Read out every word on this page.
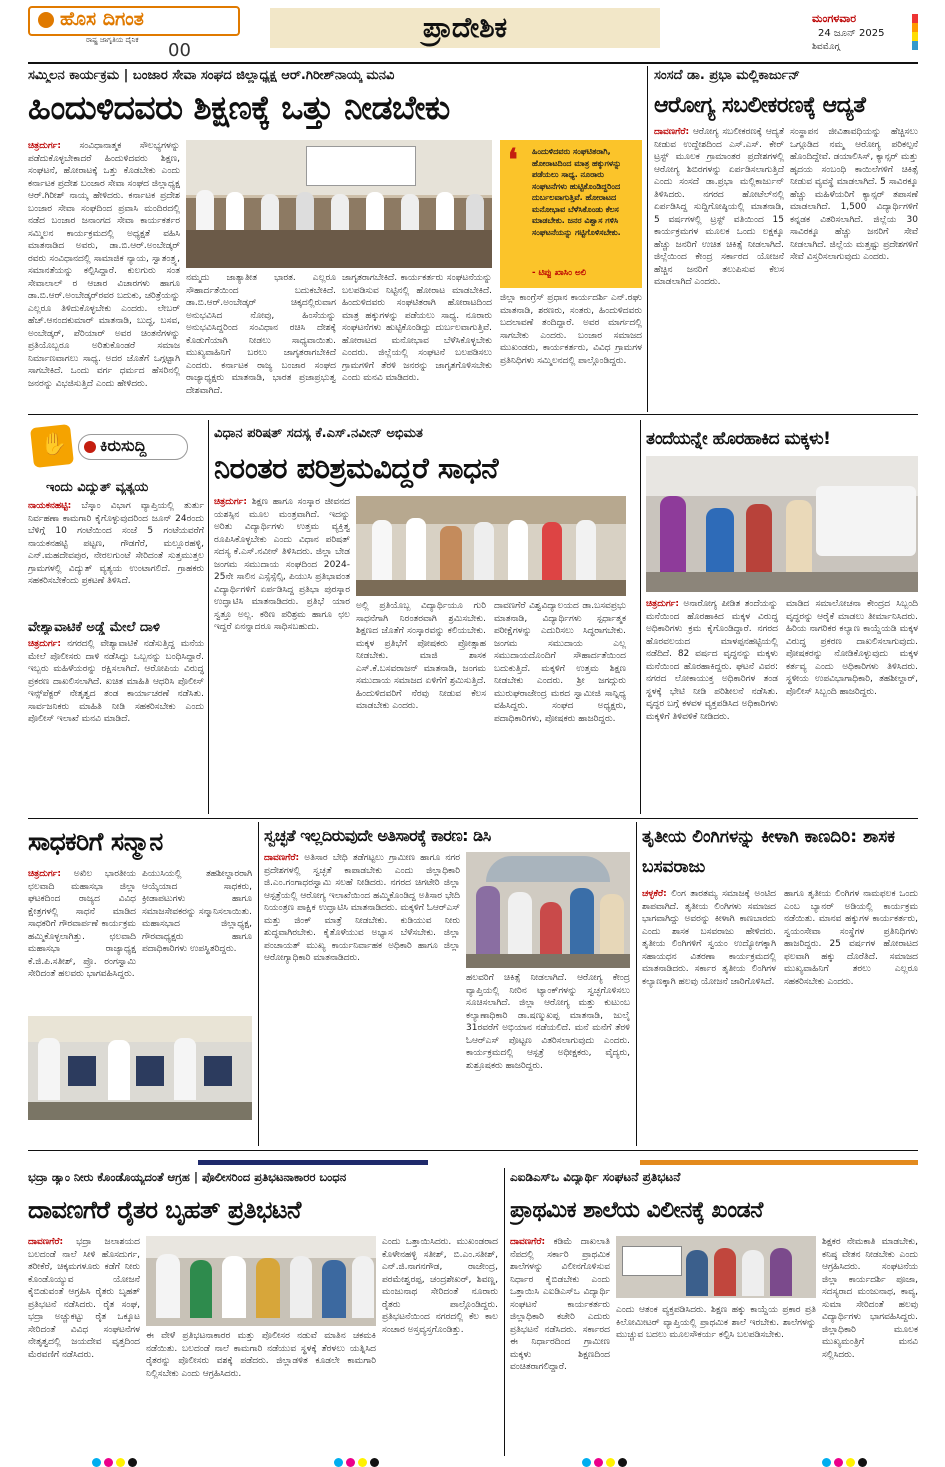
ಹೊಸ ದಿಗಂತ
ರಾಷ್ಟ್ರ ಜಾಗೃತಿಯ ದೈನಿಕ 00
ಪ್ರಾದೇಶಿಕ	ಮಂಗಳವಾರ
24 ಜೂನ್ 2025
ಶಿವಮೊಗ್ಗ
ಸಮ್ಮಿಲನ ಕಾರ್ಯಕ್ರಮ | ಬಂಜಾರ ಸೇವಾ ಸಂಘದ ಜಿಲ್ಲಾಧ್ಯಕ್ಷ ಆರ್.ಗಿರೀಶ್‌ನಾಯ್ಕ ಮನವಿ
ಹಿಂದುಳಿದವರು ಶಿಕ್ಷಣಕ್ಕೆ ಒತ್ತು ನೀಡಬೇಕು
ಚಿತ್ರದುರ್ಗ: ಸಂವಿಧಾನಾತ್ಮಕ ಸೌಲಭ್ಯಗಳನ್ನು ಪಡೆದುಕೊಳ್ಳಬೇಕಾದರೆ ಹಿಂದುಳಿದವರು ಶಿಕ್ಷಣ, ಸಂಘಟನೆ, ಹೋರಾಟಕ್ಕೆ ಒತ್ತು ಕೊಡಬೇಕು ಎಂದು ಕರ್ನಾಟಕ ಪ್ರದೇಶ ಬಂಜಾರ ಸೇವಾ ಸಂಘದ ಜಿಲ್ಲಾಧ್ಯಕ್ಷ ಆರ್.ಗಿರೀಶ್ ನಾಯ್ಕ ಹೇಳಿದರು. ಕರ್ನಾಟಕ ಪ್ರದೇಶ ಬಂಜಾರ ಸೇವಾ ಸಂಘದಿಂದ ಪ್ರವಾಸಿ ಮಂದಿರದಲ್ಲಿ ನಡೆದ ಬಂಜಾರ ಜನಾಂಗದ ಸೇವಾ ಕಾರ್ಯಕರ್ತರ ಸಮ್ಮಿಲನ ಕಾರ್ಯಕ್ರಮದಲ್ಲಿ ಅಧ್ಯಕ್ಷತೆ ವಹಿಸಿ ಮಾತನಾಡಿದ ಅವರು, ಡಾ.ಬಿ.ಆರ್.ಅಂಬೇಡ್ಕರ್ ರವರು ಸಂವಿಧಾನದಲ್ಲಿ ಸಾಮಾಜಿಕ ನ್ಯಾಯ, ಸ್ವಾತಂತ್ರ್ಯ, ಸಮಾನತೆಯನ್ನು ಕಲ್ಪಿಸಿದ್ದಾರೆ. ಕುಲಗುರು ಸಂತ ಸೇವಾಲಾಲ್ ರ ಆಚಾರ ವಿಚಾರಗಳು ಹಾಗೂ ಡಾ.ಬಿ.ಆರ್.ಅಂಬೇಡ್ಕರ್‌ರವರ ಬದುಕು, ಚರಿತ್ರೆಯನ್ನು ಎಲ್ಲರೂ ತಿಳಿದುಕೊಳ್ಳಬೇಕು ಎಂದರು. ಲೇಬರ್ ಹೆಚ್.ಆನಂದಕುಮಾರ್ ಮಾತನಾಡಿ, ಬುದ್ಧ, ಬಸವ, ಅಂಬೇಡ್ಕರ್, ಪೆರಿಯಾರ್ ಅವರ ಚಿಂತನೆಗಳನ್ನು ಪ್ರತಿಯೊಬ್ಬರೂ ಅರಿತುಕೊಂಡರೆ ಸಮಾಜ ನಿರ್ಮಾಣವಾಗಲು ಸಾಧ್ಯ. ಅದರ ಜೊತೆಗೆ ಒಗ್ಗಟ್ಟಾಗಿ ಸಾಗಬೇಕಿದೆ. ಒಂದು ವರ್ಗ ಧರ್ಮದ ಹೆಸರಿನಲ್ಲಿ ಜನರನ್ನು ವಿಭಜಿಸುತ್ತಿದೆ ಎಂದು ಹೇಳಿದರು.
ನಮ್ಮದು ಜಾತ್ಯಾತೀತ ಭಾರತ. ಎಲ್ಲರೂ ಸೌಹಾರ್ದತೆಯಿಂದ ಬದುಕಬೇಕಿದೆ. ಡಾ.ಬಿ.ಆರ್.ಅಂಬೇಡ್ಕರ್ ಚಿಕ್ಕದಲ್ಲಿರುವಾಗ ಅನುಭವಿಸಿದ ನೋವು, ಹಿಂಸೆಯನ್ನು ಅನುಭವಿಸಿದ್ದರಿಂದ ಸಂವಿಧಾನ ರಚಿಸಿ ದೇಶಕ್ಕೆ ಕೊಡುಗೆಯಾಗಿ ನೀಡಲು ಸಾಧ್ಯವಾಯಿತು. ಮುಖ್ಯವಾಹಿನಿಗೆ ಬರಲು ಜಾಗೃತರಾಗಬೇಕಿದೆ ಎಂದರು. ಕರ್ನಾಟಕ ರಾಜ್ಯ ಬಂಜಾರ ಸಂಘದ ರಾಜ್ಯಾಧ್ಯಕ್ಷರು ಮಾತನಾಡಿ, ಭಾರತ ಪ್ರಜಾಪ್ರಭುತ್ವ ದೇಶವಾಗಿದೆ.
ಜಾಗೃತರಾಗಬೇಕಿದೆ. ಕಾರ್ಯಕರ್ತರು ಸಂಘಟನೆಯನ್ನು ಬಲಪಡಿಸುವ ನಿಟ್ಟಿನಲ್ಲಿ ಹೋರಾಟ ಮಾಡಬೇಕಿದೆ. ಹಿಂದುಳಿದವರು ಸಂಘಟಿತರಾಗಿ ಹೋರಾಟದಿಂದ ಮಾತ್ರ ಹಕ್ಕುಗಳನ್ನು ಪಡೆಯಲು ಸಾಧ್ಯ. ನೂರಾರು ಸಂಘಟನೆಗಳು ಹುಟ್ಟಿಕೊಂಡಿದ್ದು ದುರ್ಬಲವಾಗುತ್ತಿವೆ. ಹೋರಾಟದ ಮನೋಭಾವ ಬೆಳೆಸಿಕೊಳ್ಳಬೇಕು ಎಂದರು. ಜಿಲ್ಲೆಯಲ್ಲಿ ಸಂಘಟನೆ ಬಲಪಡಿಸಲು ಗ್ರಾಮಗಳಿಗೆ ತೆರಳಿ ಜನರನ್ನು ಜಾಗೃತಗೊಳಿಸಬೇಕು ಎಂದು ಮನವಿ ಮಾಡಿದರು.
❛	ಹಿಂದುಳಿದವರು ಸಂಘಟಿತರಾಗಿ, ಹೋರಾಟದಿಂದ ಮಾತ್ರ ಹಕ್ಕುಗಳನ್ನು ಪಡೆಯಲು ಸಾಧ್ಯ. ನೂರಾರು ಸಂಘಟನೆಗಳು ಹುಟ್ಟಿಕೊಂಡಿದ್ದರಿಂದ ದುರ್ಬಲವಾಗುತ್ತಿವೆ. ಹೋರಾಟದ ಮನೋಭಾವ ಬೆಳೆಸಿಕೊಂಡು ಕೆಲಸ ಮಾಡಬೇಕು. ಜನರ ವಿಶ್ವಾಸ ಗಳಿಸಿ ಸಂಘಟನೆಯನ್ನು ಗಟ್ಟಿಗೊಳಿಸಬೇಕು.
- ಟಿಪ್ಪು ಖಾಸಿಂ ಅಲಿ
ಜಿಲ್ಲಾ ಕಾಂಗ್ರೆಸ್ ಪ್ರಧಾನ ಕಾರ್ಯದರ್ಶಿ ಎನ್.ರಘು ಮಾತನಾಡಿ, ಶರಣರು, ಸಂತರು, ಹಿಂದುಳಿದವರು ಬದಲಾವಣೆ ತಂದಿದ್ದಾರೆ. ಅವರ ಮಾರ್ಗದಲ್ಲಿ ಸಾಗಬೇಕು ಎಂದರು. ಬಂಜಾರ ಸಮಾಜದ ಮುಖಂಡರು, ಕಾರ್ಯಕರ್ತರು, ವಿವಿಧ ಗ್ರಾಮಗಳ ಪ್ರತಿನಿಧಿಗಳು ಸಮ್ಮಿಲನದಲ್ಲಿ ಪಾಲ್ಗೊಂಡಿದ್ದರು.
ಸಂಸದೆ ಡಾ. ಪ್ರಭಾ ಮಲ್ಲಿಕಾರ್ಜುನ್
ಆರೋಗ್ಯ ಸಬಲೀಕರಣಕ್ಕೆ ಆದ್ಯತೆ
ದಾವಣಗೆರೆ: ಆರೋಗ್ಯ ಸಬಲೀಕರಣಕ್ಕೆ ಆದ್ಯತೆ ನೀಡುವ ಉದ್ದೇಶದಿಂದ ಎಸ್.ಎಸ್. ಕೇರ್ ಟ್ರಸ್ಟ್ ಮೂಲಕ ಗ್ರಾಮಾಂತರ ಪ್ರದೇಶಗಳಲ್ಲಿ ಆರೋಗ್ಯ ಶಿಬಿರಗಳನ್ನು ಏರ್ಪಡಿಸಲಾಗುತ್ತಿದೆ ಎಂದು ಸಂಸದೆ ಡಾ.ಪ್ರಭಾ ಮಲ್ಲಿಕಾರ್ಜುನ್ ತಿಳಿಸಿದರು. ನಗರದ ಹೋಟೆಲ್‌ನಲ್ಲಿ ಏರ್ಪಡಿಸಿದ್ದ ಸುದ್ದಿಗೋಷ್ಠಿಯಲ್ಲಿ ಮಾತನಾಡಿ, 5 ವರ್ಷಗಳಲ್ಲಿ ಟ್ರಸ್ಟ್ ವತಿಯಿಂದ 15 ಕಾರ್ಯಕ್ರಮಗಳ ಮೂಲಕ ಒಂದು ಲಕ್ಷಕ್ಕೂ ಹೆಚ್ಚು ಜನರಿಗೆ ಉಚಿತ ಚಿಕಿತ್ಸೆ ನೀಡಲಾಗಿದೆ. ಜಿಲ್ಲೆಯಿಂದ ಕೇಂದ್ರ ಸರ್ಕಾರದ ಯೋಜನೆ ಹೆಚ್ಚಿನ ಜನರಿಗೆ ತಲುಪಿಸುವ ಕೆಲಸ ಮಾಡಲಾಗಿದೆ ಎಂದರು.
ಸಂಸ್ಥಾಪನ ಜೀವಿತಾವಧಿಯನ್ನು ಹೆಚ್ಚಿಸಲು ಒಗ್ಗೂಡಿದ ನಮ್ಮ ಆರೋಗ್ಯ ಪರಿಕಲ್ಪನೆ ಹೊಂದಿದ್ದೇವೆ. ಡಯಾಲಿಸಿಸ್, ಕ್ಯಾನ್ಸರ್ ಮತ್ತು ಹೃದಯ ಸಂಬಂಧಿ ಕಾಯಿಲೆಗಳಿಗೆ ಚಿಕಿತ್ಸೆ ನೀಡುವ ವ್ಯವಸ್ಥೆ ಮಾಡಲಾಗಿದೆ. 5 ಸಾವಿರಕ್ಕೂ ಹೆಚ್ಚು ಮಹಿಳೆಯರಿಗೆ ಕ್ಯಾನ್ಸರ್ ತಪಾಸಣೆ ಮಾಡಲಾಗಿದೆ. 1,500 ವಿದ್ಯಾರ್ಥಿಗಳಿಗೆ ಕನ್ನಡಕ ವಿತರಿಸಲಾಗಿದೆ. ಜಿಲ್ಲೆಯ 30 ಸಾವಿರಕ್ಕೂ ಹೆಚ್ಚು ಜನರಿಗೆ ಸೇವೆ ನೀಡಲಾಗಿದೆ. ಜಿಲ್ಲೆಯ ಮತ್ತಷ್ಟು ಪ್ರದೇಶಗಳಿಗೆ ಸೇವೆ ವಿಸ್ತರಿಸಲಾಗುವುದು ಎಂದರು.
✋ ಕಿರುಸುದ್ದಿ
ಇಂದು ವಿದ್ಯುತ್ ವ್ಯತ್ಯಯ
ನಾಯಕನಹಟ್ಟಿ: ಬೆಸ್ಕಾಂ ವಿಭಾಗ ವ್ಯಾಪ್ತಿಯಲ್ಲಿ ತುರ್ತು ನಿರ್ವಹಣಾ ಕಾಮಗಾರಿ ಕೈಗೊಳ್ಳುವುದರಿಂದ ಜೂನ್ 24ರಂದು ಬೆಳಿಗ್ಗೆ 10 ಗಂಟೆಯಿಂದ ಸಂಜೆ 5 ಗಂಟೆಯವರೆಗೆ ನಾಯಕನಹಟ್ಟಿ ಪಟ್ಟಣ, ಗೌಡಗೆರೆ, ಮಲ್ಲೂರಹಳ್ಳಿ, ಎನ್.ಮಹದೇವಪುರ, ನೇರಲಗುಂಟೆ ಸೇರಿದಂತೆ ಸುತ್ತಮುತ್ತಲ ಗ್ರಾಮಗಳಲ್ಲಿ ವಿದ್ಯುತ್ ವ್ಯತ್ಯಯ ಉಂಟಾಗಲಿದೆ. ಗ್ರಾಹಕರು ಸಹಕರಿಸಬೇಕೆಂದು ಪ್ರಕಟಣೆ ತಿಳಿಸಿದೆ.
ವೇಶ್ಯಾವಾಟಿಕೆ ಅಡ್ಡೆ ಮೇಲೆ ದಾಳಿ
ಚಿತ್ರದುರ್ಗ: ನಗರದಲ್ಲಿ ವೇಶ್ಯಾವಾಟಿಕೆ ನಡೆಸುತ್ತಿದ್ದ ಮನೆಯ ಮೇಲೆ ಪೊಲೀಸರು ದಾಳಿ ನಡೆಸಿದ್ದು ಒಬ್ಬನನ್ನು ಬಂಧಿಸಿದ್ದಾರೆ. ಇಬ್ಬರು ಮಹಿಳೆಯರನ್ನು ರಕ್ಷಿಸಲಾಗಿದೆ. ಆರೋಪಿಯ ವಿರುದ್ಧ ಪ್ರಕರಣ ದಾಖಲಿಸಲಾಗಿದೆ. ಖಚಿತ ಮಾಹಿತಿ ಆಧರಿಸಿ ಪೊಲೀಸ್ ಇನ್ಸ್‌ಪೆಕ್ಟರ್ ನೇತೃತ್ವದ ತಂಡ ಕಾರ್ಯಾಚರಣೆ ನಡೆಸಿತು. ಸಾರ್ವಜನಿಕರು ಮಾಹಿತಿ ನೀಡಿ ಸಹಕರಿಸಬೇಕು ಎಂದು ಪೊಲೀಸ್ ಇಲಾಖೆ ಮನವಿ ಮಾಡಿದೆ.
ವಿಧಾನ ಪರಿಷತ್ ಸದಸ್ಯ ಕೆ.ಎಸ್.ನವೀನ್ ಅಭಿಮತ
ನಿರಂತರ ಪರಿಶ್ರಮವಿದ್ದರೆ ಸಾಧನೆ
ಚಿತ್ರದುರ್ಗ: ಶಿಕ್ಷಣ ಹಾಗೂ ಸಂಸ್ಕಾರ ಜೀವನದ ಯಶಸ್ಸಿನ ಮೂಲ ಮಂತ್ರವಾಗಿದೆ. ಇದನ್ನು ಅರಿತು ವಿದ್ಯಾರ್ಥಿಗಳು ಉತ್ತಮ ವ್ಯಕ್ತಿತ್ವ ರೂಪಿಸಿಕೊಳ್ಳಬೇಕು ಎಂದು ವಿಧಾನ ಪರಿಷತ್ ಸದಸ್ಯ ಕೆ.ಎಸ್.ನವೀನ್ ತಿಳಿಸಿದರು. ಜಿಲ್ಲಾ ಬೇಡ ಜಂಗಮ ಸಮುದಾಯ ಸಂಘದಿಂದ 2024-25ನೇ ಸಾಲಿನ ಎಸ್ಸೆಸ್ಸೆಲ್ಸಿ, ಪಿಯುಸಿ ಪ್ರತಿಭಾವಂತ ವಿದ್ಯಾರ್ಥಿಗಳಿಗೆ ಏರ್ಪಡಿಸಿದ್ದ ಪ್ರತಿಭಾ ಪುರಸ್ಕಾರ ಉದ್ಘಾಟಿಸಿ ಮಾತನಾಡಿದರು. ಪ್ರತಿಭೆ ಯಾರ ಸ್ವತ್ತೂ ಅಲ್ಲ. ಕಠಿಣ ಪರಿಶ್ರಮ ಹಾಗೂ ಛಲ ಇದ್ದರೆ ಏನನ್ನಾದರೂ ಸಾಧಿಸಬಹುದು.
ಅಲ್ಲಿ ಪ್ರತಿಯೊಬ್ಬ ವಿದ್ಯಾರ್ಥಿಯೂ ಗುರಿ ಸಾಧನೆಗಾಗಿ ನಿರಂತರವಾಗಿ ಶ್ರಮಿಸಬೇಕು. ಶಿಕ್ಷಣದ ಜೊತೆಗೆ ಸಂಸ್ಕಾರವನ್ನು ಕಲಿಯಬೇಕು. ಮಕ್ಕಳ ಪ್ರತಿಭೆಗೆ ಪೋಷಕರು ಪ್ರೋತ್ಸಾಹ ನೀಡಬೇಕು. ಮಾಜಿ ಶಾಸಕ ಎಸ್.ಕೆ.ಬಸವರಾಜನ್ ಮಾತನಾಡಿ, ಜಂಗಮ ಸಮುದಾಯ ಸಮಾಜದ ಏಳಿಗೆಗೆ ಶ್ರಮಿಸುತ್ತಿದೆ. ಹಿಂದುಳಿದವರಿಗೆ ನೆರವು ನೀಡುವ ಕೆಲಸ ಮಾಡಬೇಕು ಎಂದರು.
ದಾವಣಗೆರೆ ವಿಶ್ವವಿದ್ಯಾಲಯದ ಡಾ.ಬಸವಪ್ರಭು ಮಾತನಾಡಿ, ವಿದ್ಯಾರ್ಥಿಗಳು ಸ್ಪರ್ಧಾತ್ಮಕ ಪರೀಕ್ಷೆಗಳನ್ನು ಎದುರಿಸಲು ಸಿದ್ಧರಾಗಬೇಕು. ಜಂಗಮ ಸಮುದಾಯ ಎಲ್ಲ ಸಮುದಾಯದೊಂದಿಗೆ ಸೌಹಾರ್ದತೆಯಿಂದ ಬದುಕುತ್ತಿದೆ. ಮಕ್ಕಳಿಗೆ ಉತ್ತಮ ಶಿಕ್ಷಣ ನೀಡಬೇಕು ಎಂದರು. ಶ್ರೀ ಜಗದ್ಗುರು ಮುರುಘರಾಜೇಂದ್ರ ಮಠದ ಸ್ವಾಮೀಜಿ ಸಾನ್ನಿಧ್ಯ ವಹಿಸಿದ್ದರು. ಸಂಘದ ಅಧ್ಯಕ್ಷರು, ಪದಾಧಿಕಾರಿಗಳು, ಪೋಷಕರು ಹಾಜರಿದ್ದರು.
ತಂದೆಯನ್ನೇ ಹೊರಹಾಕಿದ ಮಕ್ಕಳು!
ಚಿತ್ರದುರ್ಗ: ಅನಾರೋಗ್ಯ ಪೀಡಿತ ತಂದೆಯನ್ನು ಮನೆಯಿಂದ ಹೊರಹಾಕಿದ ಮಕ್ಕಳ ವಿರುದ್ಧ ಅಧಿಕಾರಿಗಳು ಕ್ರಮ ಕೈಗೊಂಡಿದ್ದಾರೆ. ನಗರದ ಹೊರವಲಯದ ಮಾಳಪ್ಪನಹಟ್ಟಿಯಲ್ಲಿ ನಡೆದಿದೆ. 82 ವರ್ಷದ ವೃದ್ಧನನ್ನು ಮಕ್ಕಳು ಮನೆಯಿಂದ ಹೊರಹಾಕಿದ್ದರು. ಘಟನೆ ವಿವರ: ನಗರದ ಲೋಕಾಯುಕ್ತ ಅಧಿಕಾರಿಗಳ ತಂಡ ಸ್ಥಳಕ್ಕೆ ಭೇಟಿ ನೀಡಿ ಪರಿಶೀಲನೆ ನಡೆಸಿತು. ವೃದ್ಧರ ಬಗ್ಗೆ ಕಳವಳ ವ್ಯಕ್ತಪಡಿಸಿದ ಅಧಿಕಾರಿಗಳು ಮಕ್ಕಳಿಗೆ ತಿಳಿವಳಿಕೆ ನೀಡಿದರು.
ಮಾಡಿದ ಸಮಾಲೋಚನಾ ಕೇಂದ್ರದ ಸಿಬ್ಬಂದಿ ವೃದ್ಧರನ್ನು ಆರೈಕೆ ಮಾಡಲು ತೀರ್ಮಾನಿಸಿದರು. ಹಿರಿಯ ನಾಗರಿಕರ ಕಲ್ಯಾಣ ಕಾಯ್ದೆಯಡಿ ಮಕ್ಕಳ ವಿರುದ್ಧ ಪ್ರಕರಣ ದಾಖಲಿಸಲಾಗುವುದು. ಪೋಷಕರನ್ನು ನೋಡಿಕೊಳ್ಳುವುದು ಮಕ್ಕಳ ಕರ್ತವ್ಯ ಎಂದು ಅಧಿಕಾರಿಗಳು ತಿಳಿಸಿದರು. ಸ್ಥಳೀಯ ಉಪವಿಭಾಗಾಧಿಕಾರಿ, ತಹಶೀಲ್ದಾರ್, ಪೊಲೀಸ್ ಸಿಬ್ಬಂದಿ ಹಾಜರಿದ್ದರು.
ಸಾಧಕರಿಗೆ ಸನ್ಮಾನ
ಚಿತ್ರದುರ್ಗ: ಅಖಿಲ ಭಾರತೀಯ ಛಲವಾದಿ ಮಹಾಸಭಾ ಜಿಲ್ಲಾ ಘಟಕದಿಂದ ರಾಜ್ಯದ ವಿವಿಧ ಕ್ಷೇತ್ರಗಳಲ್ಲಿ ಸಾಧನೆ ಮಾಡಿದ ಸಾಧಕರಿಗೆ ಗೌರವಾರ್ಪಣೆ ಕಾರ್ಯಕ್ರಮ ಹಮ್ಮಿಕೊಳ್ಳಲಾಗಿತ್ತು. ಛಲವಾದಿ ಮಹಾಸಭಾ ರಾಜ್ಯಾಧ್ಯಕ್ಷ ಕೆ.ಜಿ.ಪಿ.ಸತೀಶ್, ಪ್ರೊ. ರಂಗಸ್ವಾಮಿ ಸೇರಿದಂತೆ ಹಲವರು ಭಾಗವಹಿಸಿದ್ದರು.
ಪಿಯುಸಿಯಲ್ಲಿ ತಹಶೀಲ್ದಾರರಾಗಿ ಆಯ್ಕೆಯಾದ ಸಾಧಕರು, ಕ್ರೀಡಾಪಟುಗಳು ಹಾಗೂ ಸಮಾಜಸೇವಕರನ್ನು ಸನ್ಮಾನಿಸಲಾಯಿತು. ಮಹಾಸಭಾದ ಜಿಲ್ಲಾಧ್ಯಕ್ಷ, ಗೌರವಾಧ್ಯಕ್ಷರು ಹಾಗೂ ಪದಾಧಿಕಾರಿಗಳು ಉಪಸ್ಥಿತರಿದ್ದರು.
ಸ್ವಚ್ಛತೆ ಇಲ್ಲದಿರುವುದೇ ಅತಿಸಾರಕ್ಕೆ ಕಾರಣ: ಡಿಸಿ
ದಾವಣಗೆರೆ: ಅತಿಸಾರ ಬೇಧಿ ತಡೆಗಟ್ಟಲು ಗ್ರಾಮೀಣ ಹಾಗೂ ನಗರ ಪ್ರದೇಶಗಳಲ್ಲಿ ಸ್ವಚ್ಛತೆ ಕಾಪಾಡಬೇಕು ಎಂದು ಜಿಲ್ಲಾಧಿಕಾರಿ ಜಿ.ಎಂ.ಗಂಗಾಧರಸ್ವಾಮಿ ಸಲಹೆ ನೀಡಿದರು. ನಗರದ ಚಿಗಟೇರಿ ಜಿಲ್ಲಾ ಆಸ್ಪತ್ರೆಯಲ್ಲಿ ಆರೋಗ್ಯ ಇಲಾಖೆಯಿಂದ ಹಮ್ಮಿಕೊಂಡಿದ್ದ ಅತಿಸಾರ ಭೇದಿ ನಿಯಂತ್ರಣ ಪಾಕ್ಷಿಕ ಉದ್ಘಾಟಿಸಿ ಮಾತನಾಡಿದರು. ಮಕ್ಕಳಿಗೆ ಓಆರ್‌ಎಸ್ ಮತ್ತು ಜಿಂಕ್ ಮಾತ್ರೆ ನೀಡಬೇಕು. ಕುಡಿಯುವ ನೀರು ಶುದ್ಧವಾಗಿರಬೇಕು. ಕೈತೊಳೆಯುವ ಅಭ್ಯಾಸ ಬೆಳೆಸಬೇಕು. ಜಿಲ್ಲಾ ಪಂಚಾಯತ್ ಮುಖ್ಯ ಕಾರ್ಯನಿರ್ವಾಹಕ ಅಧಿಕಾರಿ ಹಾಗೂ ಜಿಲ್ಲಾ ಆರೋಗ್ಯಾಧಿಕಾರಿ ಮಾತನಾಡಿದರು.
ಹಲವರಿಗೆ ಚಿಕಿತ್ಸೆ ನೀಡಲಾಗಿದೆ. ಆರೋಗ್ಯ ಕೇಂದ್ರ ವ್ಯಾಪ್ತಿಯಲ್ಲಿ ನೀರಿನ ಟ್ಯಾಂಕ್‌ಗಳನ್ನು ಸ್ವಚ್ಛಗೊಳಿಸಲು ಸೂಚಿಸಲಾಗಿದೆ. ಜಿಲ್ಲಾ ಆರೋಗ್ಯ ಮತ್ತು ಕುಟುಂಬ ಕಲ್ಯಾಣಾಧಿಕಾರಿ ಡಾ.ಷಣ್ಮುಖಪ್ಪ ಮಾತನಾಡಿ, ಜುಲೈ 31ರವರೆಗೆ ಅಭಿಯಾನ ನಡೆಯಲಿದೆ. ಮನೆ ಮನೆಗೆ ತೆರಳಿ ಓಆರ್‌ಎಸ್ ಪೊಟ್ಟಣ ವಿತರಿಸಲಾಗುವುದು ಎಂದರು. ಕಾರ್ಯಕ್ರಮದಲ್ಲಿ ಆಸ್ಪತ್ರೆ ಅಧೀಕ್ಷಕರು, ವೈದ್ಯರು, ಶುಶ್ರೂಷಕರು ಹಾಜರಿದ್ದರು.
ತೃತೀಯ ಲಿಂಗಿಗಳನ್ನು ಕೀಳಾಗಿ ಕಾಣದಿರಿ: ಶಾಸಕ ಬಸವರಾಜು
ಚಳ್ಳಕೆರೆ: ಲಿಂಗ ತಾರತಮ್ಯ ಸಮಾಜಕ್ಕೆ ಅಂಟಿದ ಶಾಪವಾಗಿದೆ. ತೃತೀಯ ಲಿಂಗಿಗಳು ಸಮಾಜದ ಭಾಗವಾಗಿದ್ದು ಅವರನ್ನು ಕೀಳಾಗಿ ಕಾಣಬಾರದು ಎಂದು ಶಾಸಕ ಬಸವರಾಜು ಹೇಳಿದರು. ತೃತೀಯ ಲಿಂಗಿಗಳಿಗೆ ಸ್ವಯಂ ಉದ್ಯೋಗಕ್ಕಾಗಿ ಸಹಾಯಧನ ವಿತರಣಾ ಕಾರ್ಯಕ್ರಮದಲ್ಲಿ ಮಾತನಾಡಿದರು. ಸರ್ಕಾರ ತೃತೀಯ ಲಿಂಗಿಗಳ ಕಲ್ಯಾಣಕ್ಕಾಗಿ ಹಲವು ಯೋಜನೆ ಜಾರಿಗೊಳಿಸಿದೆ.
ಹಾಗೂ ತೃತೀಯ ಲಿಂಗಿಗಳ ನಾಮಫಲಕ ಒಂದು ಎಂಬ ಬ್ಯಾನರ್‌ ಅಡಿಯಲ್ಲಿ ಕಾರ್ಯಕ್ರಮ ನಡೆಯಿತು. ಮಾನವ ಹಕ್ಕುಗಳ ಕಾರ್ಯಕರ್ತರು, ಸ್ವಯಂಸೇವಾ ಸಂಸ್ಥೆಗಳ ಪ್ರತಿನಿಧಿಗಳು ಹಾಜರಿದ್ದರು. 25 ವರ್ಷಗಳ ಹೋರಾಟದ ಫಲವಾಗಿ ಹಕ್ಕು ದೊರೆತಿದೆ. ಸಮಾಜದ ಮುಖ್ಯವಾಹಿನಿಗೆ ತರಲು ಎಲ್ಲರೂ ಸಹಕರಿಸಬೇಕು ಎಂದರು.
ಭದ್ರಾ ಡ್ಯಾಂ ನೀರು ಕೊಂಡೊಯ್ಯದಂತೆ ಆಗ್ರಹ | ಪೊಲೀಸರಿಂದ ಪ್ರತಿಭಟನಾಕಾರರ ಬಂಧನ
ದಾವಣಗೆರೆ ರೈತರ ಬೃಹತ್ ಪ್ರತಿಭಟನೆ
ದಾವಣಗೆರೆ: ಭದ್ರಾ ಜಲಾಶಯದ ಬಲದಂಡೆ ನಾಲೆ ಸೀಳಿ ಹೊಸದುರ್ಗ, ತರೀಕೆರೆ, ಚಿಕ್ಕಮಗಳೂರು ಕಡೆಗೆ ನೀರು ಕೊಂಡೊಯ್ಯುವ ಯೋಜನೆ ಕೈಬಿಡುವಂತೆ ಆಗ್ರಹಿಸಿ ರೈತರು ಬೃಹತ್ ಪ್ರತಿಭಟನೆ ನಡೆಸಿದರು. ರೈತ ಸಂಘ, ಭದ್ರಾ ಅಚ್ಚುಕಟ್ಟು ರೈತ ಒಕ್ಕೂಟ ಸೇರಿದಂತೆ ವಿವಿಧ ಸಂಘಟನೆಗಳ ನೇತೃತ್ವದಲ್ಲಿ ಜಯದೇವ ವೃತ್ತದಿಂದ ಮೆರವಣಿಗೆ ನಡೆಸಿದರು.
ಈ ವೇಳೆ ಪ್ರತಿಭಟನಾಕಾರರ ಮತ್ತು ಪೊಲೀಸರ ನಡುವೆ ಮಾತಿನ ಚಕಮಕಿ ನಡೆಯಿತು. ಬಲದಂಡೆ ನಾಲೆ ಕಾಮಗಾರಿ ನಡೆಯುವ ಸ್ಥಳಕ್ಕೆ ತೆರಳಲು ಯತ್ನಿಸಿದ ರೈತರನ್ನು ಪೊಲೀಸರು ವಶಕ್ಕೆ ಪಡೆದರು. ಜಿಲ್ಲಾಡಳಿತ ಕೂಡಲೇ ಕಾಮಗಾರಿ ನಿಲ್ಲಿಸಬೇಕು ಎಂದು ಆಗ್ರಹಿಸಿದರು.
ಎಂದು ಒತ್ತಾಯಿಸಿದರು. ಮುಖಂಡರಾದ ಕೊಳೇನಹಳ್ಳಿ ಸತೀಶ್, ಬಿ.ಎಂ.ಸತೀಶ್, ಎನ್.ಜಿ.ನಾಗನಗೌಡ, ರಾಜೇಂದ್ರ, ಪರಮೇಶ್ವರಪ್ಪ, ಚಂದ್ರಶೇಖರ್, ಶಿವಣ್ಣ, ಮಂಜುನಾಥ ಸೇರಿದಂತೆ ನೂರಾರು ರೈತರು ಪಾಲ್ಗೊಂಡಿದ್ದರು. ಪ್ರತಿಭಟನೆಯಿಂದ ನಗರದಲ್ಲಿ ಕೆಲ ಕಾಲ ಸಂಚಾರ ಅಸ್ತವ್ಯಸ್ತಗೊಂಡಿತ್ತು.
ಎಐಡಿಎಸ್‌ಒ ವಿದ್ಯಾರ್ಥಿ ಸಂಘಟನೆ ಪ್ರತಿಭಟನೆ
ಪ್ರಾಥಮಿಕ ಶಾಲೆಯ ವಿಲೀನಕ್ಕೆ ಖಂಡನೆ
ದಾವಣಗೆರೆ: ಕಡಿಮೆ ದಾಖಲಾತಿ ನೆಪದಲ್ಲಿ ಸರ್ಕಾರಿ ಪ್ರಾಥಮಿಕ ಶಾಲೆಗಳನ್ನು ವಿಲೀನಗೊಳಿಸುವ ನಿರ್ಧಾರ ಕೈಬಿಡಬೇಕು ಎಂದು ಒತ್ತಾಯಿಸಿ ಎಐಡಿಎಸ್‌ಒ ವಿದ್ಯಾರ್ಥಿ ಸಂಘಟನೆ ಕಾರ್ಯಕರ್ತರು ಜಿಲ್ಲಾಧಿಕಾರಿ ಕಚೇರಿ ಎದುರು ಪ್ರತಿಭಟನೆ ನಡೆಸಿದರು. ಸರ್ಕಾರದ ಈ ನಿರ್ಧಾರದಿಂದ ಗ್ರಾಮೀಣ ಮಕ್ಕಳು ಶಿಕ್ಷಣದಿಂದ ವಂಚಿತರಾಗಲಿದ್ದಾರೆ.
ಎಂದು ಆತಂಕ ವ್ಯಕ್ತಪಡಿಸಿದರು. ಶಿಕ್ಷಣ ಹಕ್ಕು ಕಾಯ್ದೆಯ ಪ್ರಕಾರ ಪ್ರತಿ ಕಿಲೋಮೀಟರ್ ವ್ಯಾಪ್ತಿಯಲ್ಲಿ ಪ್ರಾಥಮಿಕ ಶಾಲೆ ಇರಬೇಕು. ಶಾಲೆಗಳನ್ನು ಮುಚ್ಚುವ ಬದಲು ಮೂಲಸೌಕರ್ಯ ಕಲ್ಪಿಸಿ ಬಲಪಡಿಸಬೇಕು.
ಶಿಕ್ಷಕರ ನೇಮಕಾತಿ ಮಾಡಬೇಕು, ಕನಿಷ್ಠ ವೇತನ ನೀಡಬೇಕು ಎಂದು ಆಗ್ರಹಿಸಿದರು. ಸಂಘಟನೆಯ ಜಿಲ್ಲಾ ಕಾರ್ಯದರ್ಶಿ ಪೂಜಾ, ಸದಸ್ಯರಾದ ಮಂಜುನಾಥ, ಕಾವ್ಯ, ಸುಮಾ ಸೇರಿದಂತೆ ಹಲವು ವಿದ್ಯಾರ್ಥಿಗಳು ಭಾಗವಹಿಸಿದ್ದರು. ಜಿಲ್ಲಾಧಿಕಾರಿ ಮೂಲಕ ಮುಖ್ಯಮಂತ್ರಿಗೆ ಮನವಿ ಸಲ್ಲಿಸಿದರು.
